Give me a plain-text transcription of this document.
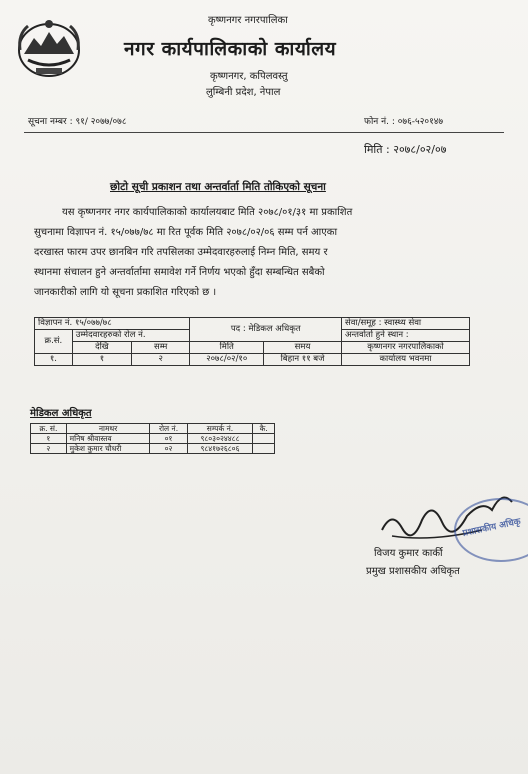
कृष्णनगर नगरपालिका
नगर कार्यपालिकाको कार्यालय
कृष्णनगर, कपिलवस्तु
लुम्बिनी प्रदेश, नेपाल
सूचना नम्बर : ९१/ २०७७/०७८	फोन नं. : ०७६-५२०१४७
मिति : २०७८/०२/०७
छोटो सूची प्रकाशन तथा अन्तर्वार्ता मिति तोकिएको सूचना
यस कृष्णनगर नगर कार्यपालिकाको कार्यालयबाट मिति २०७८/०१/३१ मा प्रकाशित
सुचनामा विज्ञापन नं. १५/०७७/७८ मा रित पूर्वक मिति २०७८/०२/०६ सम्म पर्न आएका
दरखास्त फारम उपर छानबिन गरि तपसिलका उम्मेदवारहरुलाई निम्न मिति, समय र
स्थानमा संचालन हुने अन्तर्वार्तामा समावेश गर्ने निर्णय भएको हुँदा सम्बन्धित सबैको
जानकारीको लागि यो सूचना प्रकाशित गरिएको छ ।
विज्ञापन नं. १५/०७७/७८			पद : मेडिकल अधिकृत		सेवा/समूह : स्वास्थ्य सेवा
क्र.सं.	उम्मेदवारहरुको रोल नं.				अन्तर्वार्ता हुने स्थान :
	देखि	सम्म	मिति	समय	कृष्णनगर नगरपालिकाको
१.	१	२	२०७८/०२/१०	बिहान ११ बजे	कार्यालय भवनमा
मेडिकल अधिकृत
क्र. सं.	नामथर	रोल नं.	सम्पर्क नं.	कै.
१	मनिष श्रीवास्तव	०१	९८०३०२४४८८	
२	मुकेश कुमार चौधरी	०२	९८४१७२६८०६	
प्रशासकीय अधिकृ
विजय कुमार कार्की
प्रमुख प्रशासकीय अधिकृत
